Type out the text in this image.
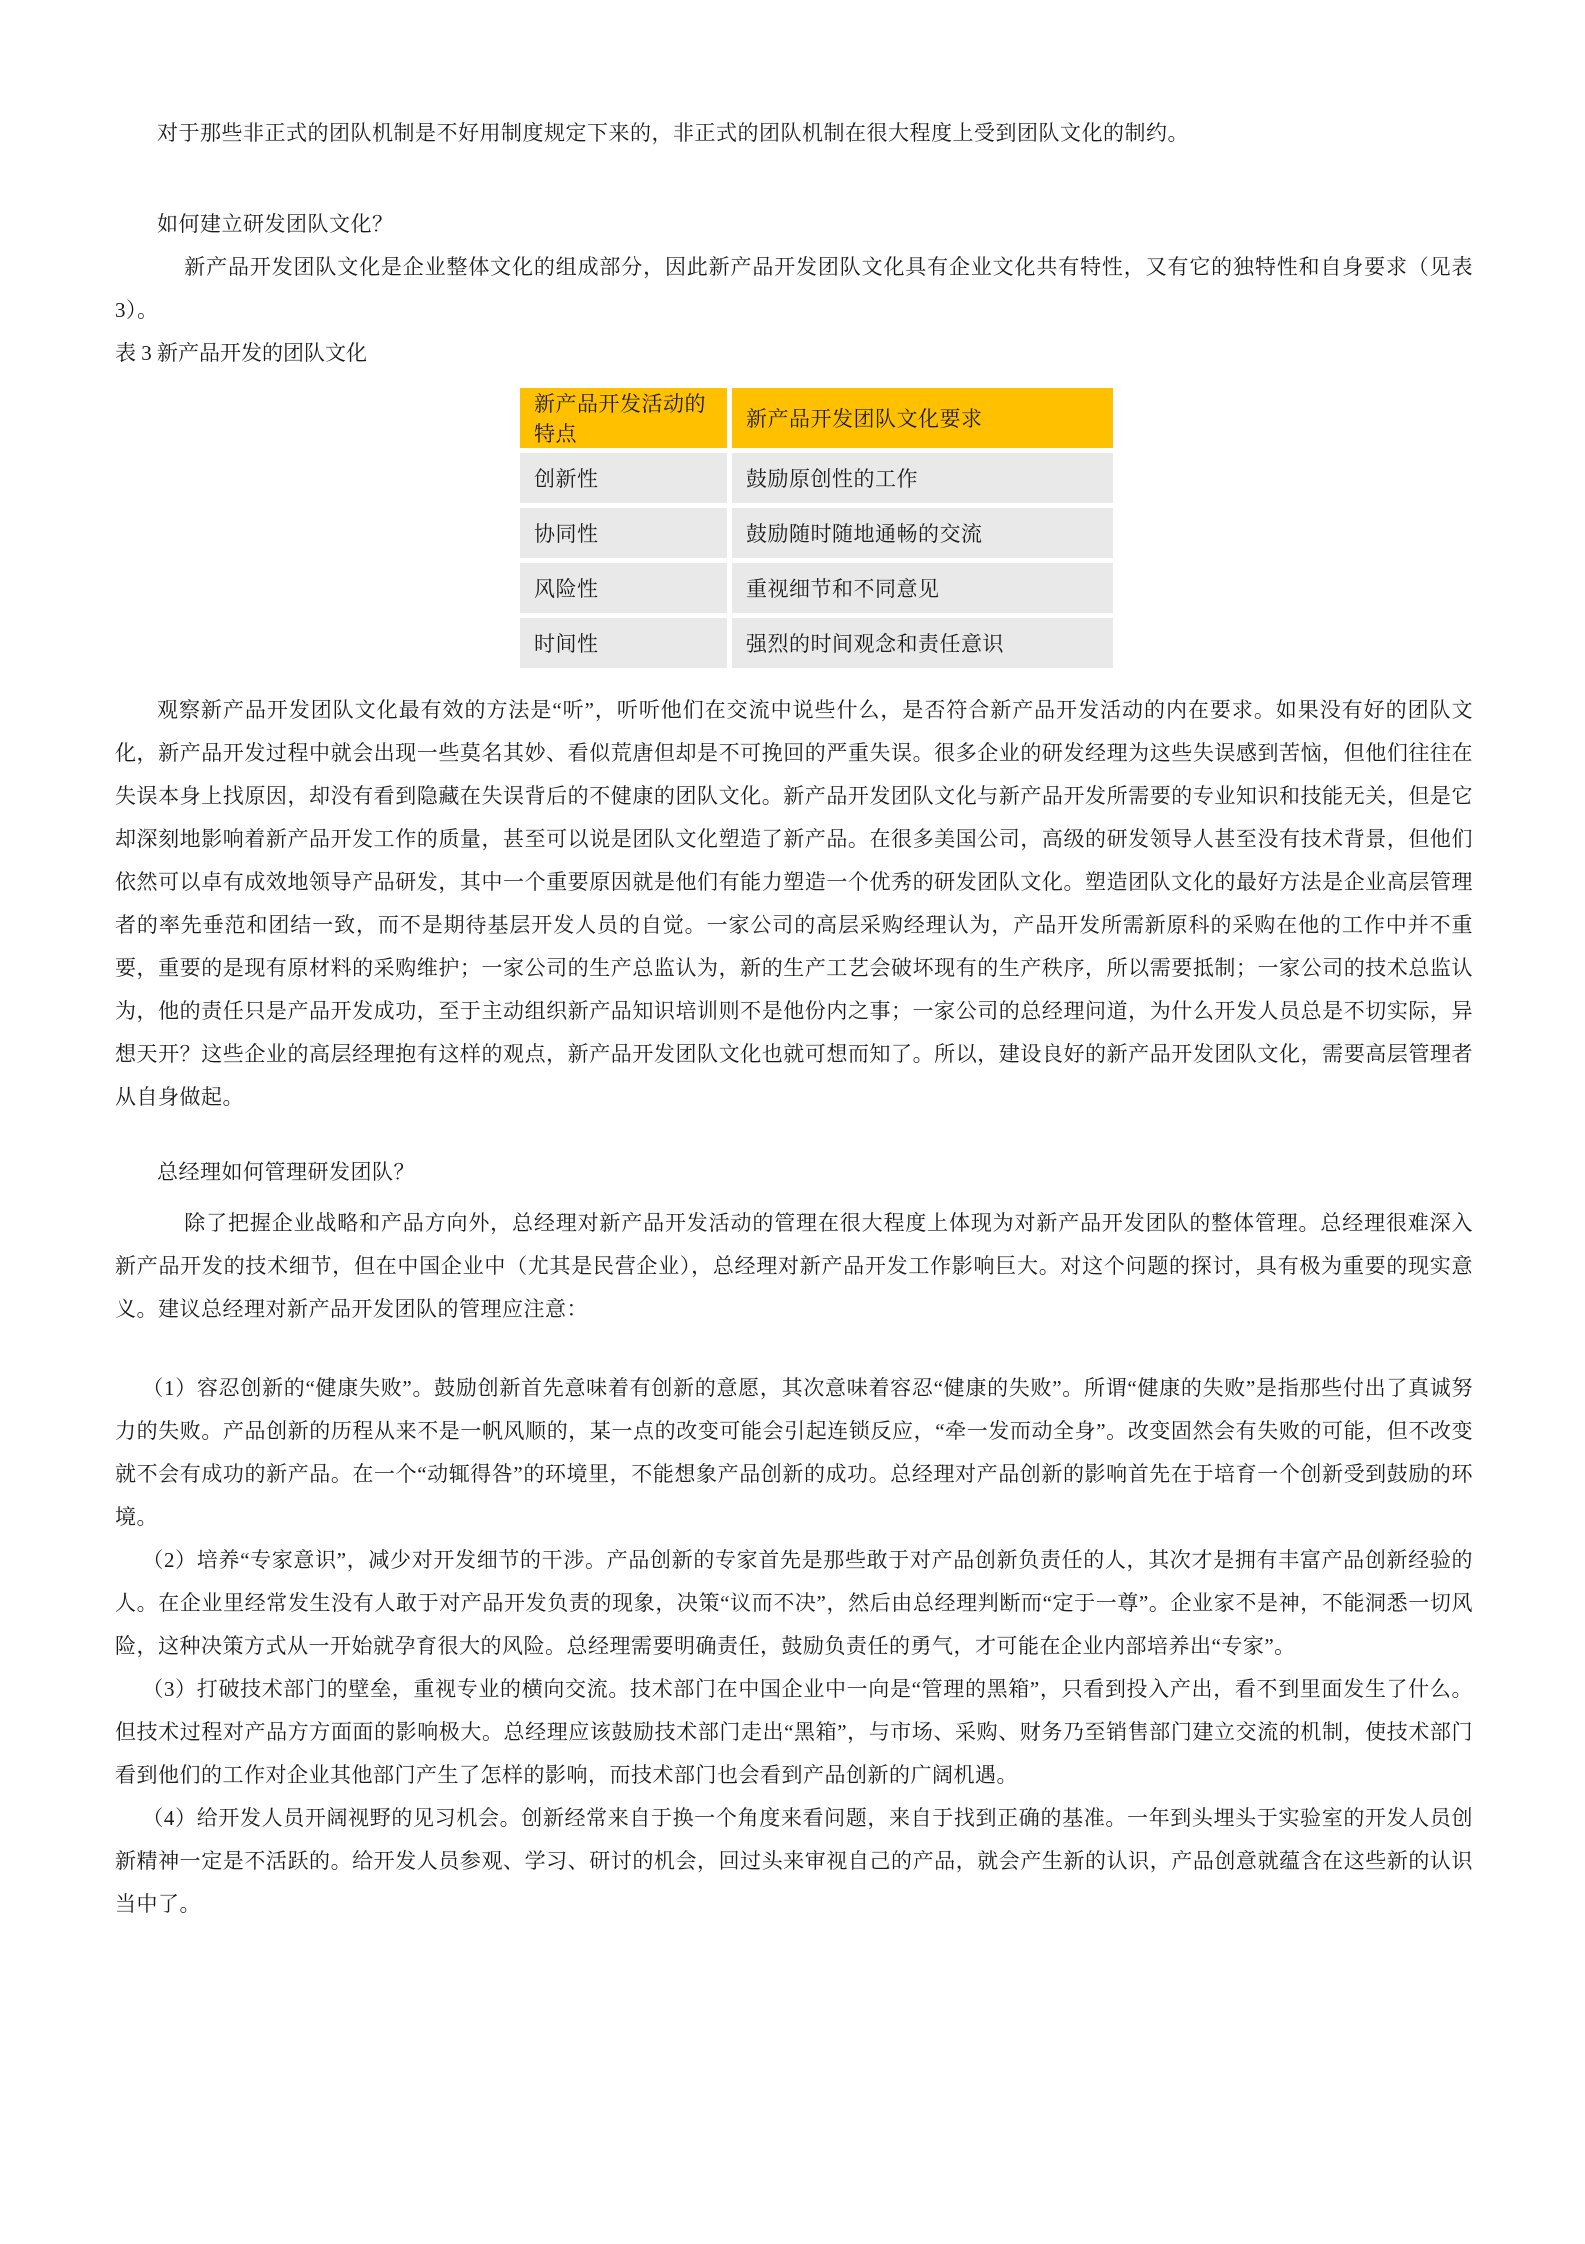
对于那些非正式的团队机制是不好用制度规定下来的，非正式的团队机制在很大程度上受到团队文化的制约。

如何建立研发团队文化？

新产品开发团队文化是企业整体文化的组成部分，因此新产品开发团队文化具有企业文化共有特性，又有它的独特性和自身要求（见表 3）。

表 3 新产品开发的团队文化

新产品开发活动的特点	新产品开发团队文化要求
创新性	鼓励原创性的工作
协同性	鼓励随时随地通畅的交流
风险性	重视细节和不同意见
时间性	强烈的时间观念和责任意识

观察新产品开发团队文化最有效的方法是“听”，听听他们在交流中说些什么，是否符合新产品开发活动的内在要求。如果没有好的团队文化，新产品开发过程中就会出现一些莫名其妙、看似荒唐但却是不可挽回的严重失误。很多企业的研发经理为这些失误感到苦恼，但他们往往在失误本身上找原因，却没有看到隐藏在失误背后的不健康的团队文化。新产品开发团队文化与新产品开发所需要的专业知识和技能无关，但是它却深刻地影响着新产品开发工作的质量，甚至可以说是团队文化塑造了新产品。在很多美国公司，高级的研发领导人甚至没有技术背景，但他们依然可以卓有成效地领导产品研发，其中一个重要原因就是他们有能力塑造一个优秀的研发团队文化。塑造团队文化的最好方法是企业高层管理者的率先垂范和团结一致，而不是期待基层开发人员的自觉。一家公司的高层采购经理认为，产品开发所需新原科的采购在他的工作中并不重要，重要的是现有原材料的采购维护；一家公司的生产总监认为，新的生产工艺会破坏现有的生产秩序，所以需要抵制；一家公司的技术总监认为，他的责任只是产品开发成功，至于主动组织新产品知识培训则不是他份内之事；一家公司的总经理问道，为什么开发人员总是不切实际，异想天开？这些企业的高层经理抱有这样的观点，新产品开发团队文化也就可想而知了。所以，建设良好的新产品开发团队文化，需要高层管理者从自身做起。

总经理如何管理研发团队？

除了把握企业战略和产品方向外，总经理对新产品开发活动的管理在很大程度上体现为对新产品开发团队的整体管理。总经理很难深入新产品开发的技术细节，但在中国企业中（尤其是民营企业），总经理对新产品开发工作影响巨大。对这个问题的探讨，具有极为重要的现实意义。建议总经理对新产品开发团队的管理应注意：

（1）容忍创新的“健康失败”。鼓励创新首先意味着有创新的意愿，其次意味着容忍“健康的失败”。所谓“健康的失败”是指那些付出了真诚努力的失败。产品创新的历程从来不是一帆风顺的，某一点的改变可能会引起连锁反应，“牵一发而动全身”。改变固然会有失败的可能，但不改变就不会有成功的新产品。在一个“动辄得咎”的环境里，不能想象产品创新的成功。总经理对产品创新的影响首先在于培育一个创新受到鼓励的环境。

（2）培养“专家意识”，减少对开发细节的干涉。产品创新的专家首先是那些敢于对产品创新负责任的人，其次才是拥有丰富产品创新经验的人。在企业里经常发生没有人敢于对产品开发负责的现象，决策“议而不决”，然后由总经理判断而“定于一尊”。企业家不是神，不能洞悉一切风险，这种决策方式从一开始就孕育很大的风险。总经理需要明确责任，鼓励负责任的勇气，才可能在企业内部培养出“专家”。

（3）打破技术部门的壁垒，重视专业的横向交流。技术部门在中国企业中一向是“管理的黑箱”，只看到投入产出，看不到里面发生了什么。但技术过程对产品方方面面的影响极大。总经理应该鼓励技术部门走出“黑箱”，与市场、采购、财务乃至销售部门建立交流的机制，使技术部门看到他们的工作对企业其他部门产生了怎样的影响，而技术部门也会看到产品创新的广阔机遇。

（4）给开发人员开阔视野的见习机会。创新经常来自于换一个角度来看问题，来自于找到正确的基准。一年到头埋头于实验室的开发人员创新精神一定是不活跃的。给开发人员参观、学习、研讨的机会，回过头来审视自己的产品，就会产生新的认识，产品创意就蕴含在这些新的认识当中了。
